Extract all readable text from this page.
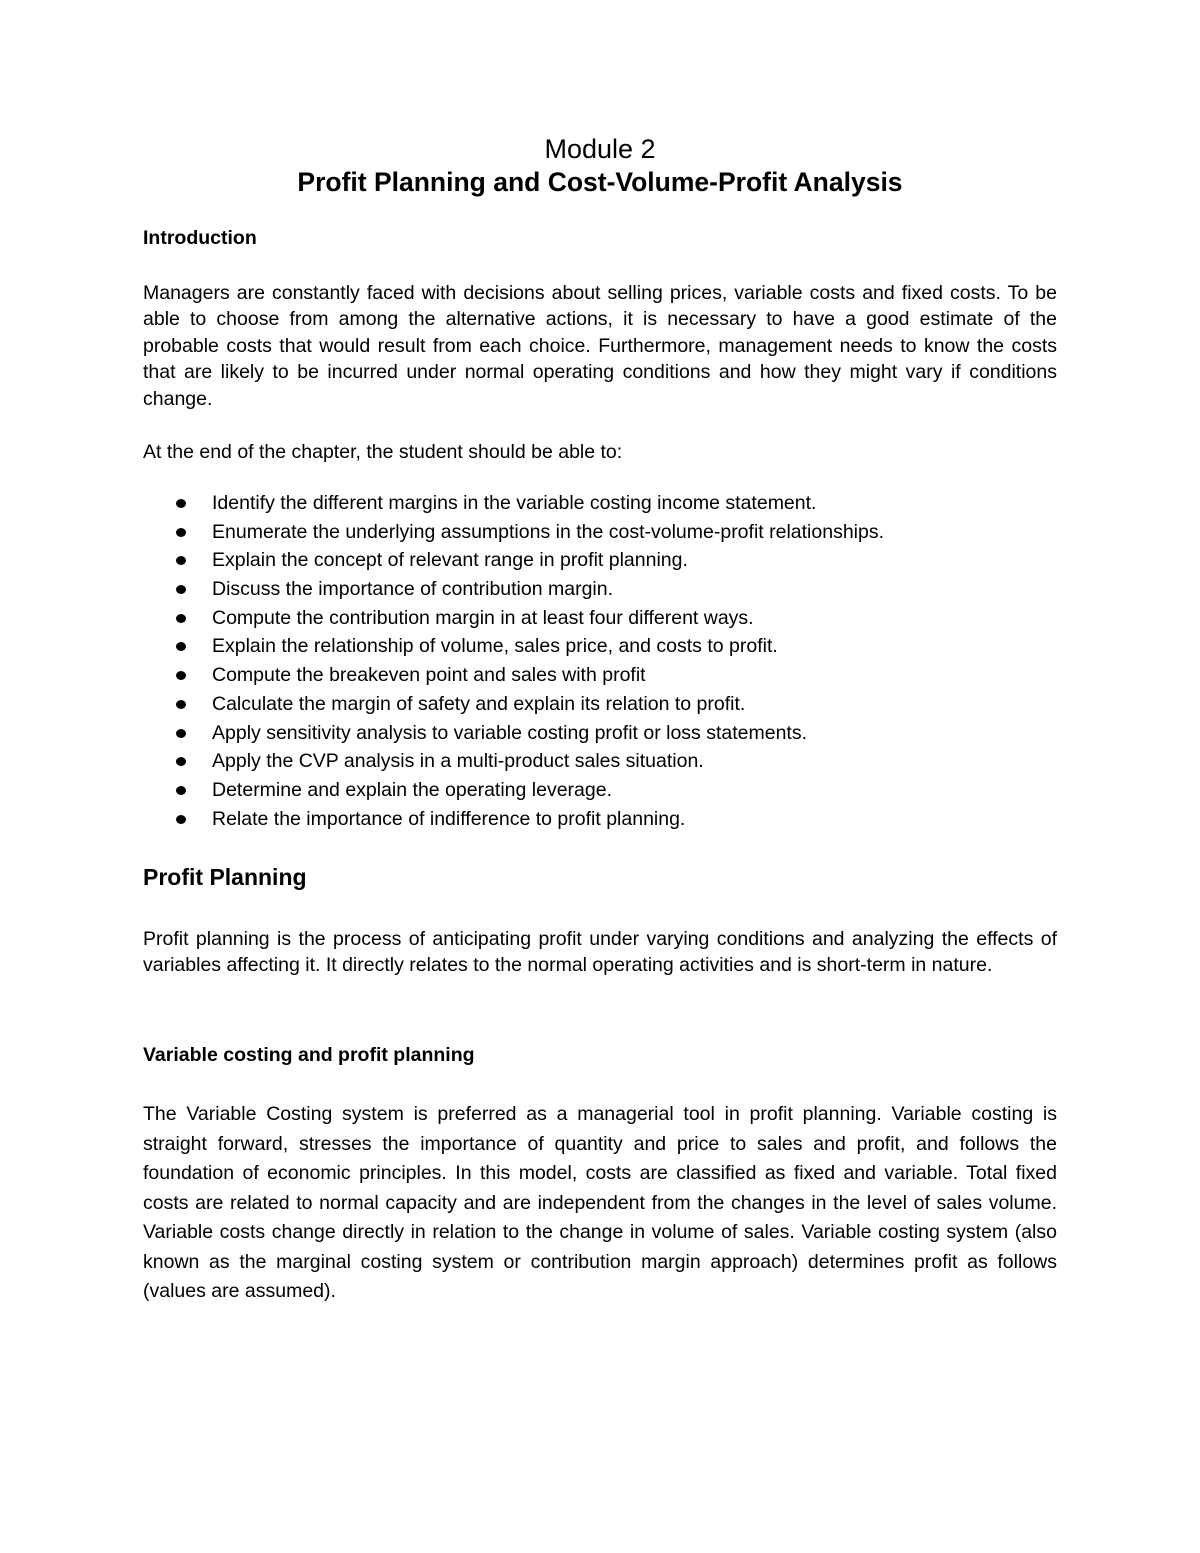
Module 2
Profit Planning and Cost-Volume-Profit Analysis
Introduction

Managers are constantly faced with decisions about selling prices, variable costs and fixed costs. To be able to choose from among the alternative actions, it is necessary to have a good estimate of the probable costs that would result from each choice. Furthermore, management needs to know the costs that are likely to be incurred under normal operating conditions and how they might vary if conditions change.

At the end of the chapter, the student should be able to:

Identify the different margins in the variable costing income statement.
Enumerate the underlying assumptions in the cost-volume-profit relationships.
Explain the concept of relevant range in profit planning.
Discuss the importance of contribution margin.
Compute the contribution margin in at least four different ways.
Explain the relationship of volume, sales price, and costs to profit.
Compute the breakeven point and sales with profit
Calculate the margin of safety and explain its relation to profit.
Apply sensitivity analysis to variable costing profit or loss statements.
Apply the CVP analysis in a multi-product sales situation.
Determine and explain the operating leverage.
Relate the importance of indifference to profit planning.
Profit Planning

Profit planning is the process of anticipating profit under varying conditions and analyzing the effects of variables affecting it. It directly relates to the normal operating activities and is short-term in nature.

Variable costing and profit planning

The Variable Costing system is preferred as a managerial tool in profit planning. Variable costing is straight forward, stresses the importance of quantity and price to sales and profit, and follows the foundation of economic principles. In this model, costs are classified as fixed and variable. Total fixed costs are related to normal capacity and are independent from the changes in the level of sales volume. Variable costs change directly in relation to the change in volume of sales. Variable costing system (also known as the marginal costing system or contribution margin approach) determines profit as follows (values are assumed).
